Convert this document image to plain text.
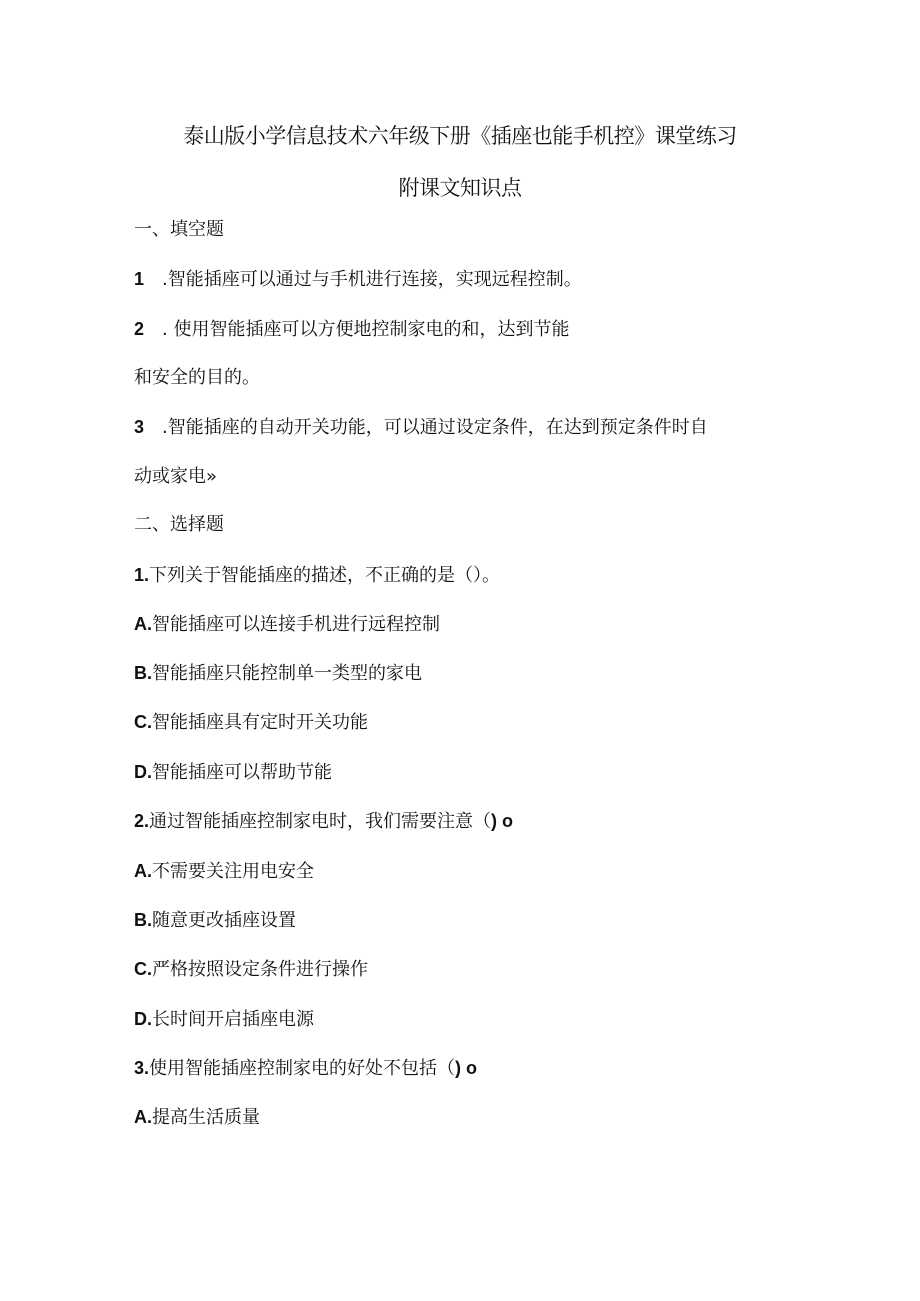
泰山版小学信息技术六年级下册《插座也能手机控》课堂练习
附课文知识点
一、填空题
1 .智能插座可以通过与手机进行连接，实现远程控制。
2 . 使用智能插座可以方便地控制家电的和，达到节能
和安全的目的。
3 .智能插座的自动开关功能，可以通过设定条件，在达到预定条件时自
动或家电»
二、选择题
1.下列关于智能插座的描述，不正确的是（）。
A.智能插座可以连接手机进行远程控制
B.智能插座只能控制单一类型的家电
C.智能插座具有定时开关功能
D.智能插座可以帮助节能
2.通过智能插座控制家电时，我们需要注意（) o
A.不需要关注用电安全
B.随意更改插座设置
C.严格按照设定条件进行操作
D.长时间开启插座电源
3.使用智能插座控制家电的好处不包括（) o
A.提高生活质量
